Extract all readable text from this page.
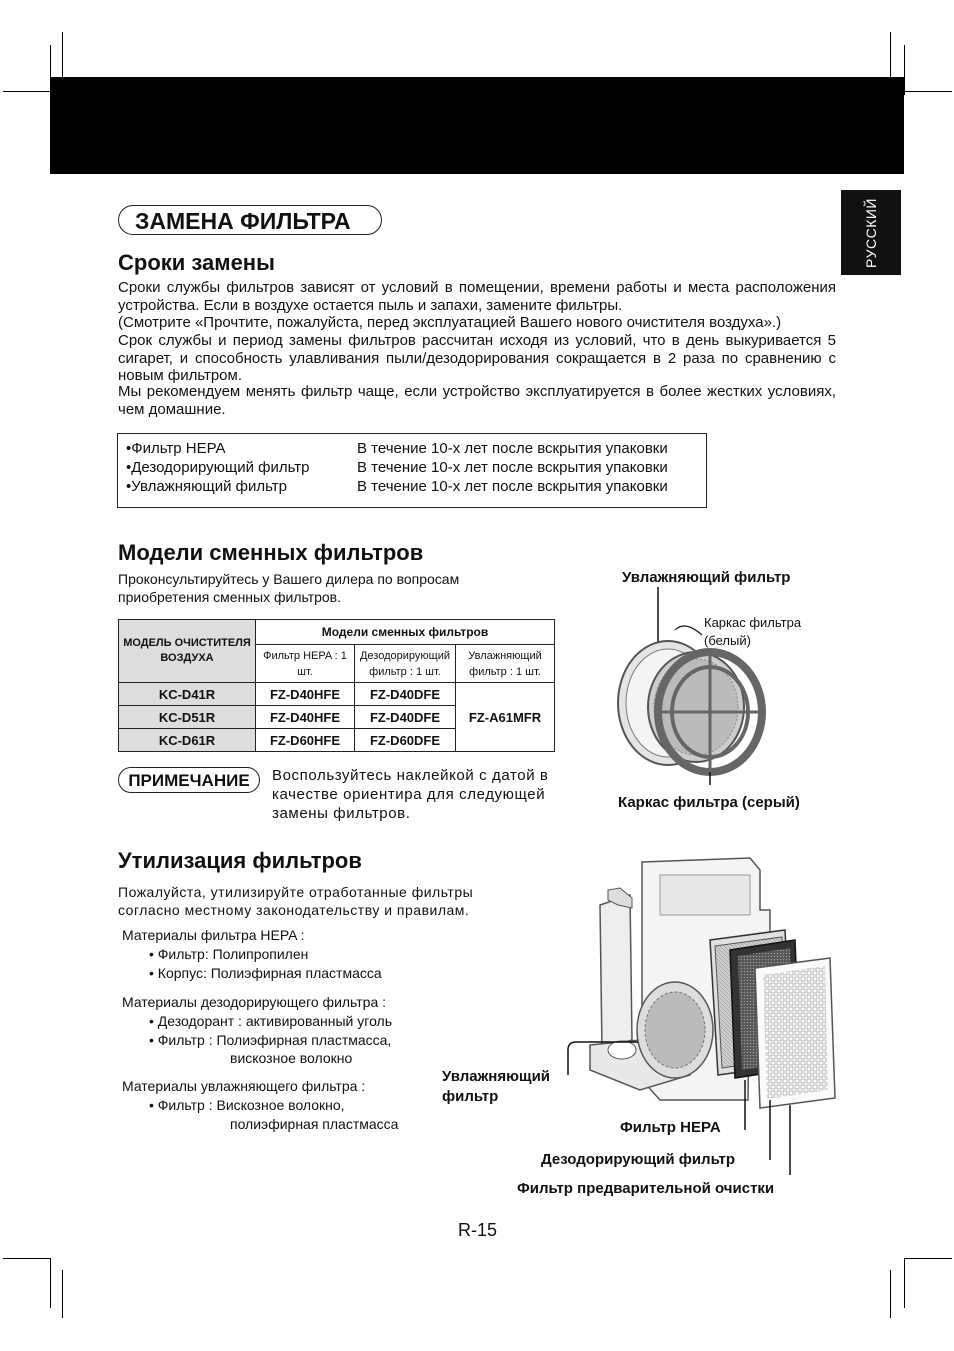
РУССКИЙ
ЗАМЕНА ФИЛЬТРА
Сроки замены
Сроки службы фильтров зависят от условий в помещении, времени работы и места расположения устройства. Если в воздухе остается пыль и запахи, замените фильтры.
(Смотрите «Прочтите, пожалуйста, перед эксплуатацией Вашего нового очистителя воздуха».)
Срок службы и период замены фильтров рассчитан исходя из условий, что в день выкуривается 5 сигарет, и способность улавливания пыли/дезодорирования сокращается в 2 раза по сравнению с новым фильтром.
Мы рекомендуем менять фильтр чаще, если устройство эксплуатируется в более жестких условиях, чем домашние.
•Фильтр HEPA	В течение 10-х лет после вскрытия упаковки
•Дезодорирующий фильтр	В течение 10-х лет после вскрытия упаковки
•Увлажняющий фильтр	В течение 10-х лет после вскрытия упаковки
Модели сменных фильтров
Проконсультируйтесь у Вашего дилера по вопросам приобретения сменных фильтров.
МОДЕЛЬ ОЧИСТИТЕЛЯ ВОЗДУХА	Модели сменных фильтров		
	Фильтр HEPA : 1 шт.	Дезодорирующий фильтр : 1 шт.	Увлажняющий фильтр : 1 шт.
KC-D41R	FZ-D40HFE	FZ-D40DFE	FZ-A61MFR
KC-D51R	FZ-D40HFE	FZ-D40DFE	
KC-D61R	FZ-D60HFE	FZ-D60DFE	
ПРИМЕЧАНИЕ	Воспользуйтесь наклейкой с датой в качестве ориентира для следующей замены фильтров.
Увлажняющий фильтр
Каркас фильтра (белый)
Каркас фильтра (серый)
Утилизация фильтров
Пожалуйста, утилизируйте отработанные фильтры согласно местному законодательству и правилам.
Материалы фильтра HEPA :
• Фильтр: Полипропилен
• Корпус: Полиэфирная пластмасса
Материалы дезодорирующего фильтра :
• Дезодорант : активированный уголь
• Фильтр : Полиэфирная пластмасса,
вискозное волокно
Материалы увлажняющего фильтра :
• Фильтр : Вискозное волокно,
полиэфирная пластмасса
Увлажняющий фильтр
Фильтр HEPA
Дезодорирующий фильтр
Фильтр предварительной очистки
R-15
